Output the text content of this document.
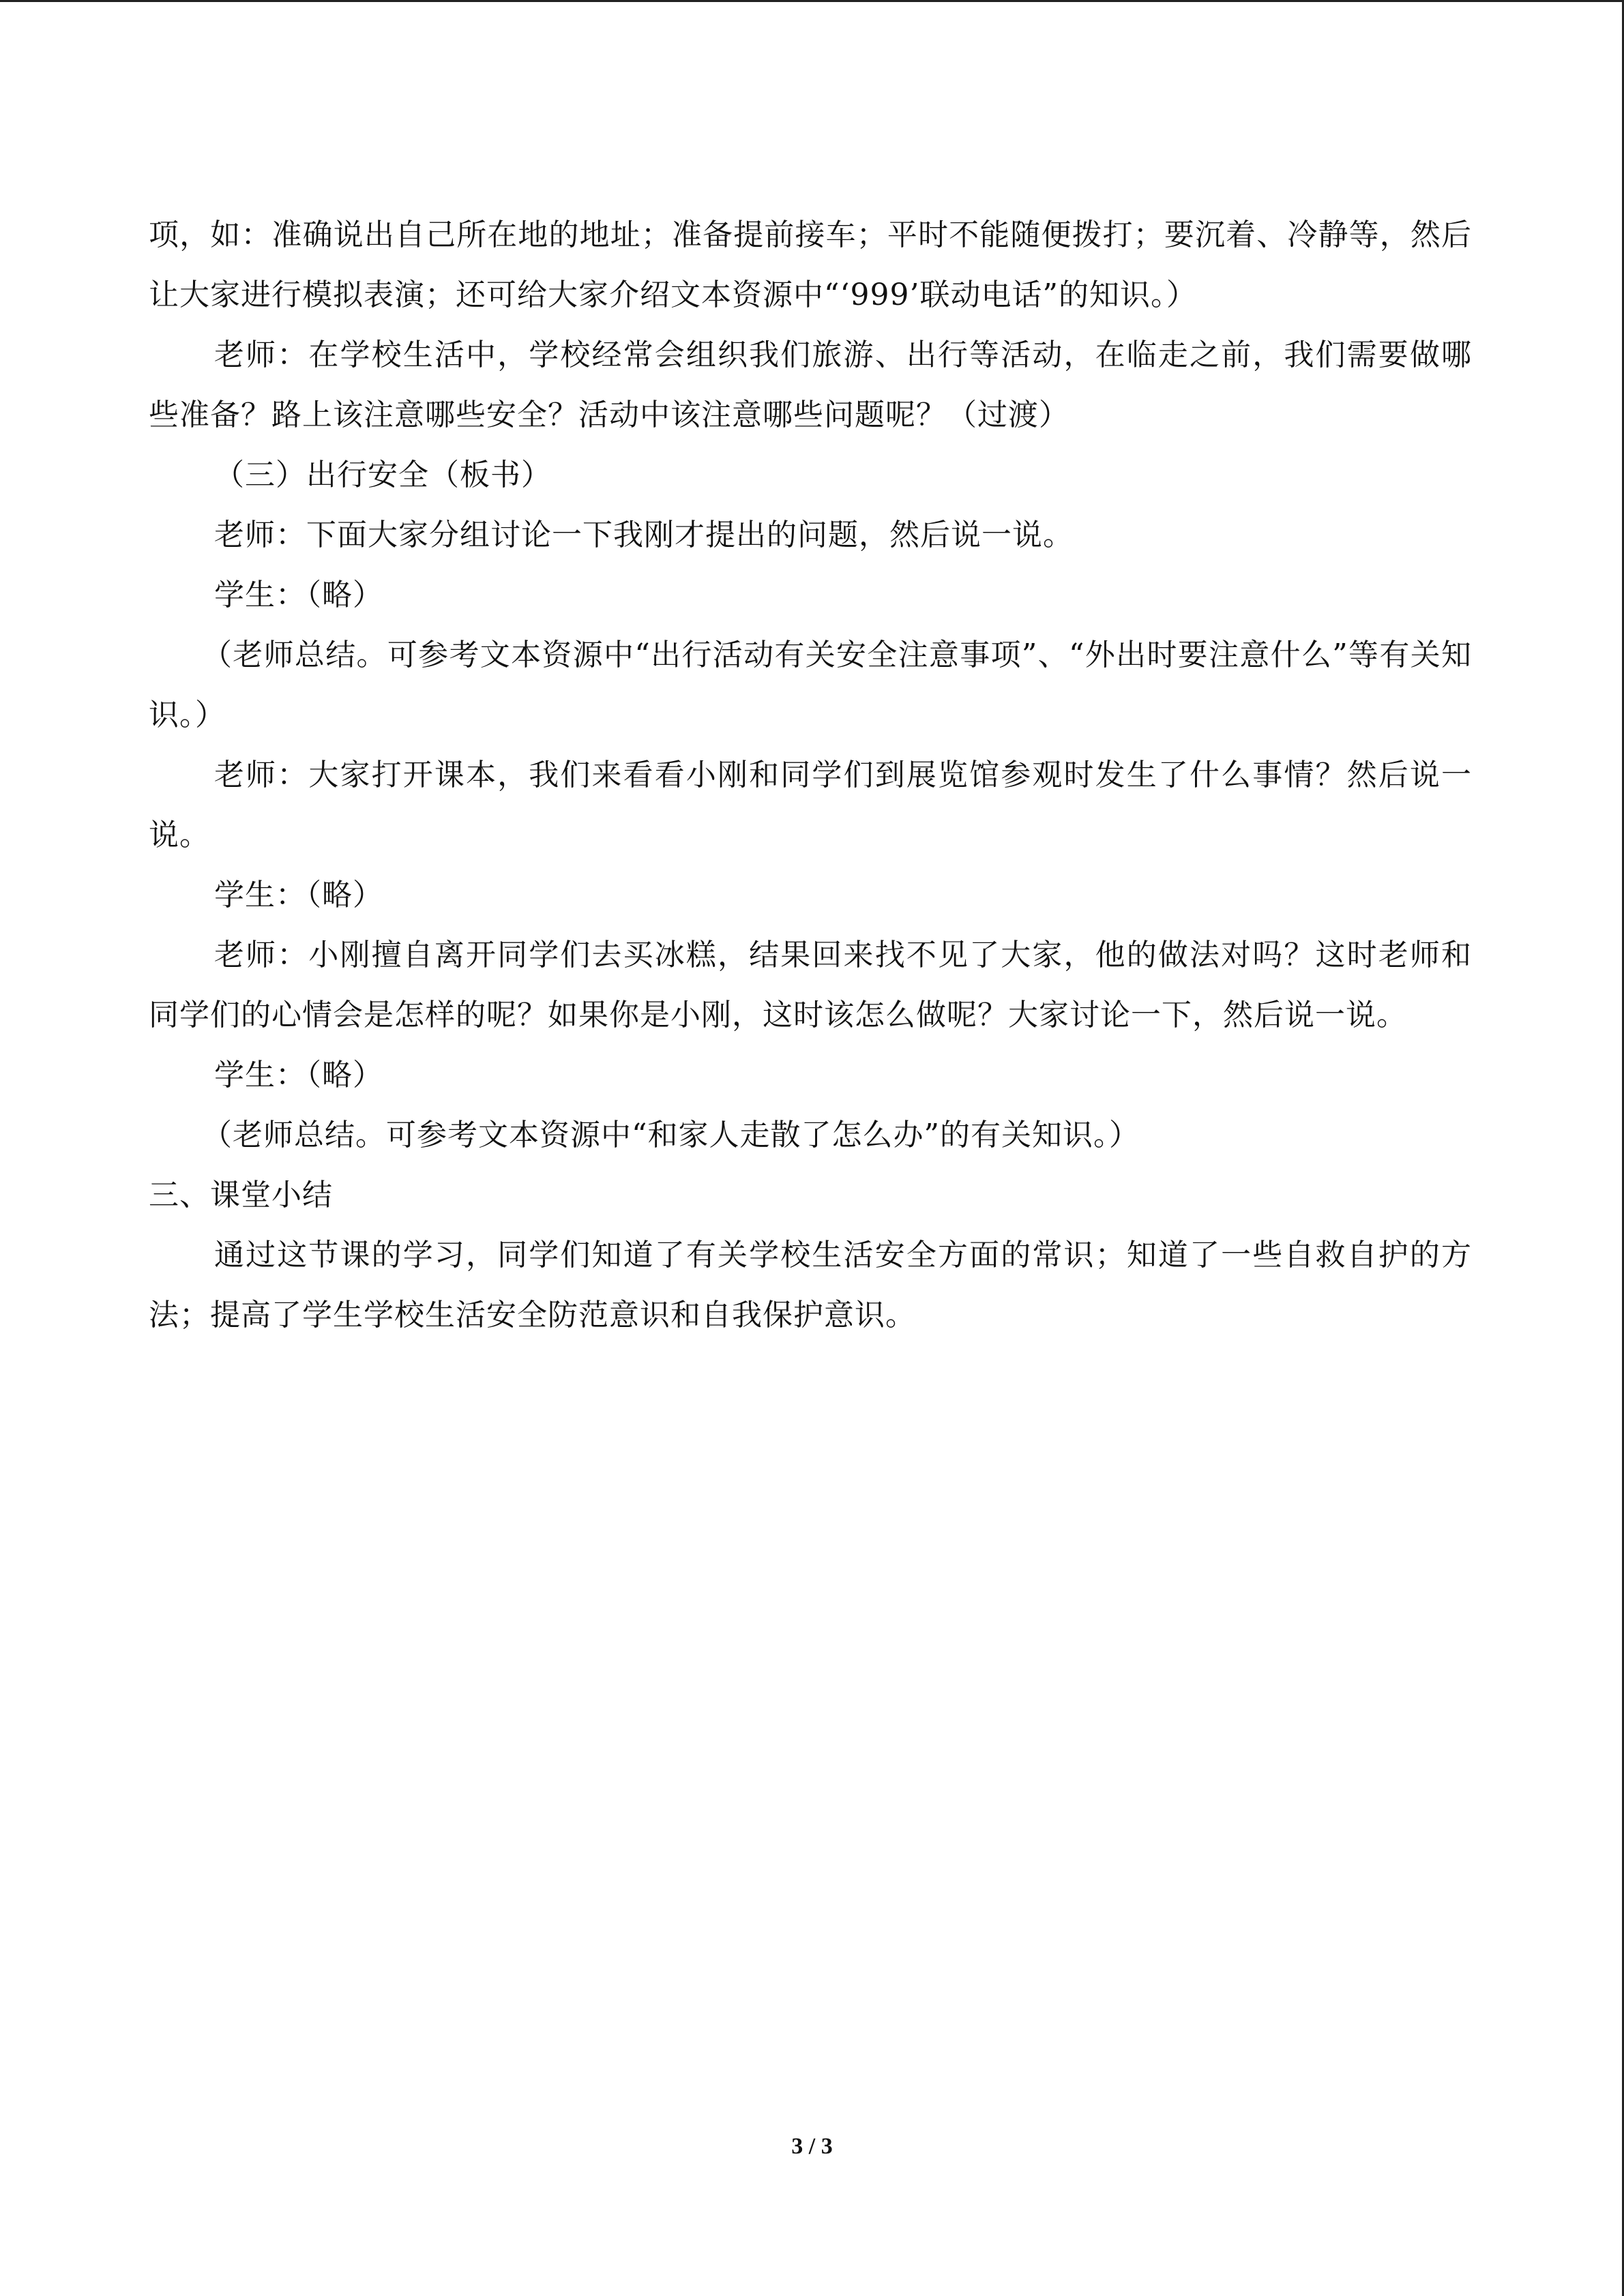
项，如：准确说出自己所在地的地址；准备提前接车；平时不能随便拨打；要沉着、冷静等，然后让大家进行模拟表演；还可给大家介绍文本资源中“‘999’联动电话”的知识。）

老师：在学校生活中，学校经常会组织我们旅游、出行等活动，在临走之前，我们需要做哪些准备？路上该注意哪些安全？活动中该注意哪些问题呢？（过渡）

（三）出行安全（板书）

老师：下面大家分组讨论一下我刚才提出的问题，然后说一说。

学生：（略）

（老师总结。可参考文本资源中“出行活动有关安全注意事项”、“外出时要注意什么”等有关知识。）

老师：大家打开课本，我们来看看小刚和同学们到展览馆参观时发生了什么事情？然后说一说。

学生：（略）

老师：小刚擅自离开同学们去买冰糕，结果回来找不见了大家，他的做法对吗？这时老师和同学们的心情会是怎样的呢？如果你是小刚，这时该怎么做呢？大家讨论一下，然后说一说。

学生：（略）

（老师总结。可参考文本资源中“和家人走散了怎么办”的有关知识。）

三、课堂小结

通过这节课的学习，同学们知道了有关学校生活安全方面的常识；知道了一些自救自护的方法；提高了学生学校生活安全防范意识和自我保护意识。

3 / 3
